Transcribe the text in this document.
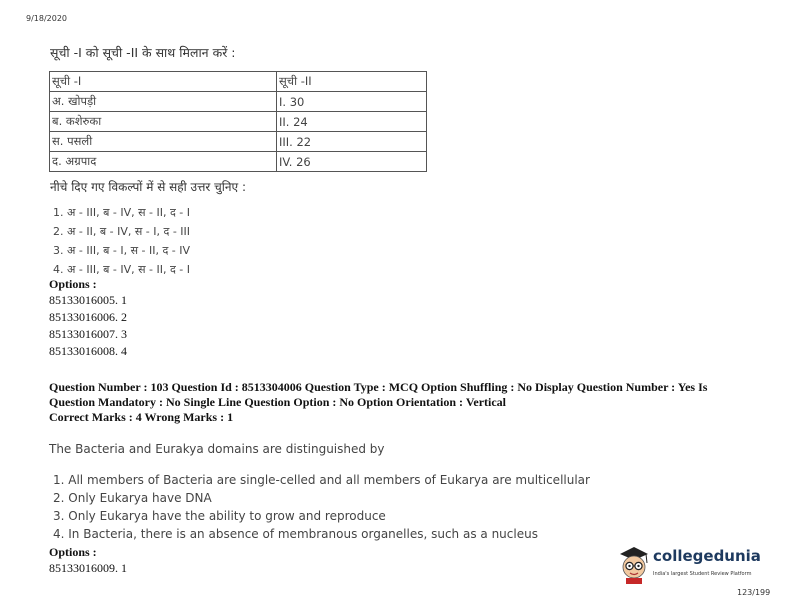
9/18/2020
सूची -I को सूची -II के साथ मिलान करें :
सूची -I	सूची -II
अ. खोपड़ी	I. 30
ब. कशेरुका	II. 24
स. पसली	III. 22
द. अग्रपाद	IV. 26
नीचे दिए गए विकल्पों में से सही उत्तर चुनिए :
1. अ - III, ब - IV, स - II, द - I
2. अ - II, ब - IV, स - I, द - III
3. अ - III, ब - I, स - II, द - IV
4. अ - III, ब - IV, स - II, द - I
Options :
85133016005. 1
85133016006. 2
85133016007. 3
85133016008. 4
Question Number : 103 Question Id : 8513304006 Question Type : MCQ Option Shuffling : No Display Question Number : Yes Is
Question Mandatory : No Single Line Question Option : No Option Orientation : Vertical
Correct Marks : 4 Wrong Marks : 1
The Bacteria and Eurakya domains are distinguished by
1. All members of Bacteria are single-celled and all members of Eukarya are multicellular
2. Only Eukarya have DNA
3. Only Eukarya have the ability to grow and reproduce
4. In Bacteria, there is an absence of membranous organelles, such as a nucleus
Options :
85133016009. 1
collegedunia
India's largest Student Review Platform
123/199
